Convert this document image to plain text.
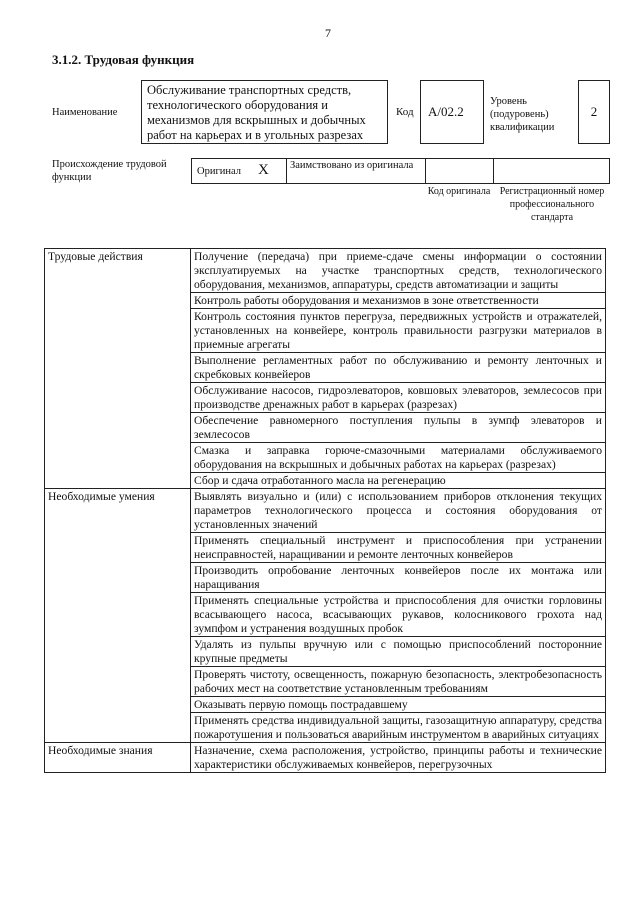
7
3.1.2. Трудовая функция
Наименование
Обслуживание транспортных средств, технологического оборудования и механизмов для вскрышных и добычных работ на карьерах и в угольных разрезах
Код А/02.2
Уровень (подуровень) квалификации
2
Происхождение трудовой функции
Оригинал Х Заимствовано из оригинала
Код оригинала Регистрационный номер профессионального стандарта
Трудовые действия	Получение (передача) при приеме-сдаче смены информации о состоянии эксплуатируемых на участке транспортных средств, технологического оборудования, механизмов, аппаратуры, средств автоматизации и защиты
	Контроль работы оборудования и механизмов в зоне ответственности
	Контроль состояния пунктов перегруза, передвижных устройств и отражателей, установленных на конвейере, контроль правильности разгрузки материалов в приемные агрегаты
	Выполнение регламентных работ по обслуживанию и ремонту ленточных и скребковых конвейеров
	Обслуживание насосов, гидроэлеваторов, ковшовых элеваторов, землесосов при производстве дренажных работ в карьерах (разрезах)
	Обеспечение равномерного поступления пульпы в зумпф элеваторов и землесосов
	Смазка и заправка горюче-смазочными материалами обслуживаемого оборудования на вскрышных и добычных работах на карьерах (разрезах)
	Сбор и сдача отработанного масла на регенерацию
Необходимые умения	Выявлять визуально и (или) с использованием приборов отклонения текущих параметров технологического процесса и состояния оборудования от установленных значений
	Применять специальный инструмент и приспособления при устранении неисправностей, наращивании и ремонте ленточных конвейеров
	Производить опробование ленточных конвейеров после их монтажа или наращивания
	Применять специальные устройства и приспособления для очистки горловины всасывающего насоса, всасывающих рукавов, колосникового грохота над зумпфом и устранения воздушных пробок
	Удалять из пульпы вручную или с помощью приспособлений посторонние крупные предметы
	Проверять чистоту, освещенность, пожарную безопасность, электробезопасность рабочих мест на соответствие установленным требованиям
	Оказывать первую помощь пострадавшему
	Применять средства индивидуальной защиты, газозащитную аппаратуру, средства пожаротушения и пользоваться аварийным инструментом в аварийных ситуациях
Необходимые знания	Назначение, схема расположения, устройство, принципы работы и технические характеристики обслуживаемых конвейеров, перегрузочных
